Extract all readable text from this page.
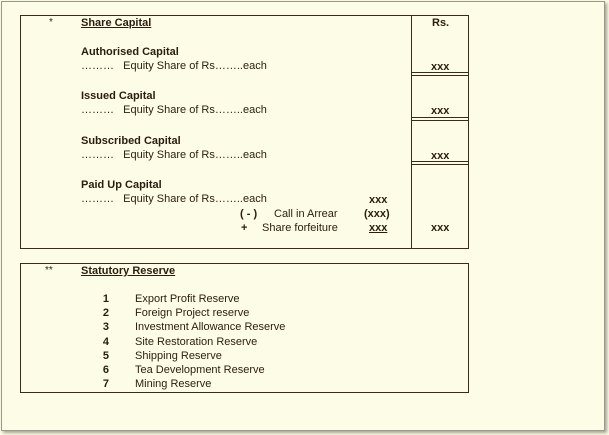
*	Share Capital	Rs.
Authorised Capital
………   Equity Share of Rs……..each	xxx
Issued Capital
………   Equity Share of Rs……..each	xxx
Subscribed Capital
………   Equity Share of Rs……..each	xxx
Paid Up Capital
………   Equity Share of Rs……..each	xxx
( - ) Call in Arrear (xxx)
+ Share forfeiture	xxx	xxx
**	Statutory Reserve
1 Export Profit Reserve
2 Foreign Project reserve
3 Investment Allowance Reserve
4 Site Restoration Reserve
5 Shipping Reserve
6 Tea Development Reserve
7 Mining Reserve
